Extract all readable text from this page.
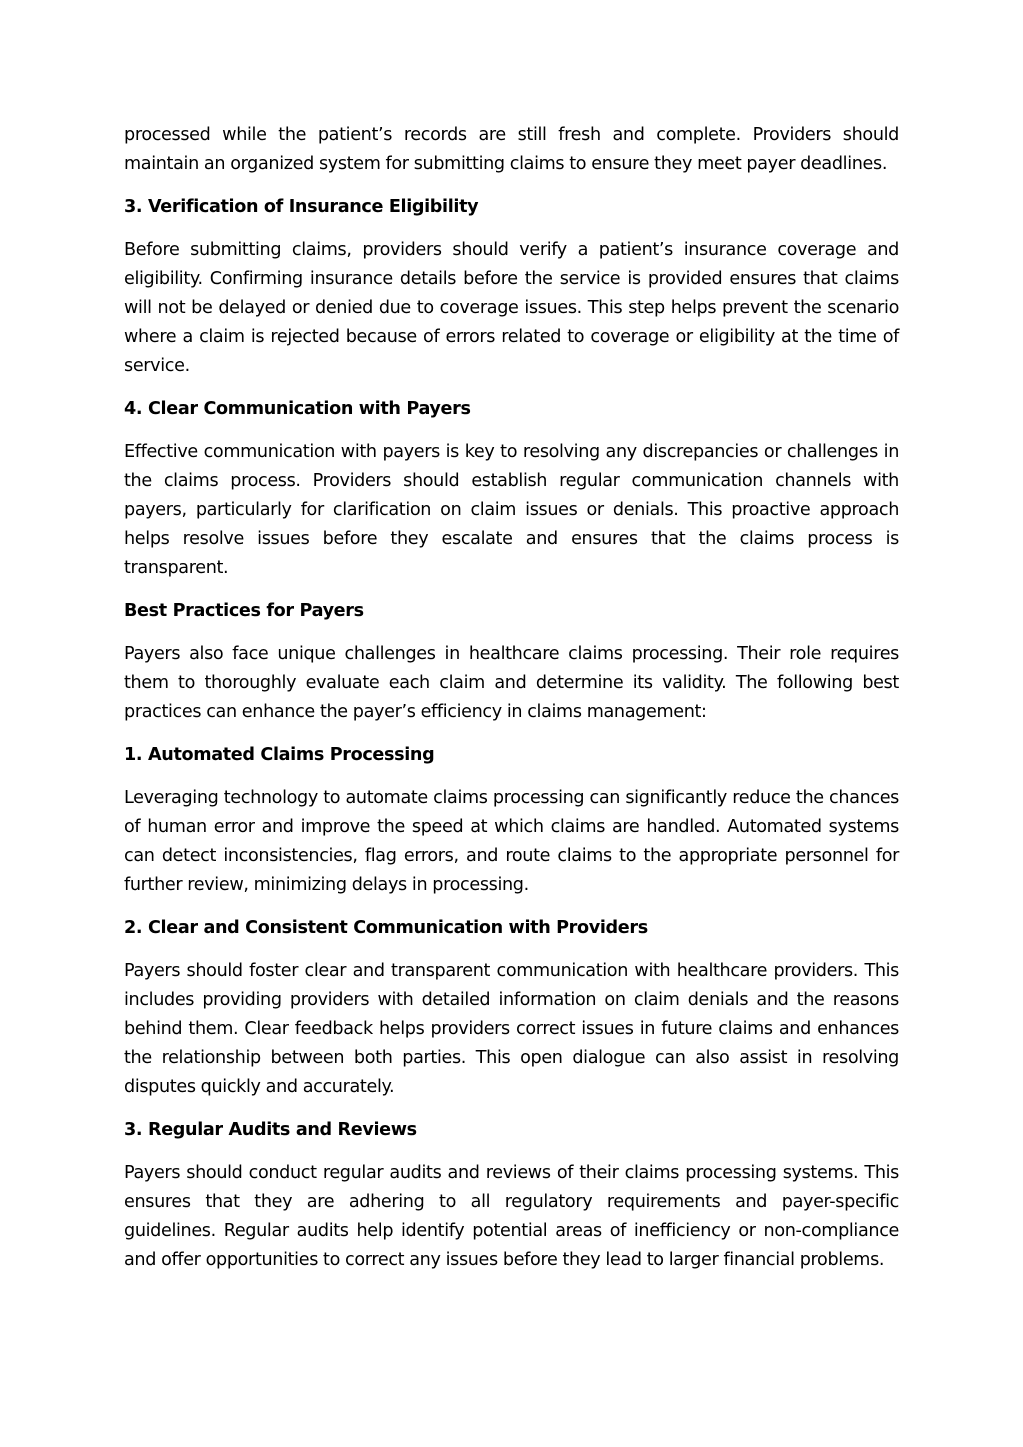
processed while the patient’s records are still fresh and complete. Providers should maintain an organized system for submitting claims to ensure they meet payer deadlines.

3. Verification of Insurance Eligibility

Before submitting claims, providers should verify a patient’s insurance coverage and eligibility. Confirming insurance details before the service is provided ensures that claims will not be delayed or denied due to coverage issues. This step helps prevent the scenario where a claim is rejected because of errors related to coverage or eligibility at the time of service.

4. Clear Communication with Payers

Effective communication with payers is key to resolving any discrepancies or challenges in the claims process. Providers should establish regular communication channels with payers, particularly for clarification on claim issues or denials. This proactive approach helps resolve issues before they escalate and ensures that the claims process is transparent.

Best Practices for Payers

Payers also face unique challenges in healthcare claims processing. Their role requires them to thoroughly evaluate each claim and determine its validity. The following best practices can enhance the payer’s efficiency in claims management:

1. Automated Claims Processing

Leveraging technology to automate claims processing can significantly reduce the chances of human error and improve the speed at which claims are handled. Automated systems can detect inconsistencies, flag errors, and route claims to the appropriate personnel for further review, minimizing delays in processing.

2. Clear and Consistent Communication with Providers

Payers should foster clear and transparent communication with healthcare providers. This includes providing providers with detailed information on claim denials and the reasons behind them. Clear feedback helps providers correct issues in future claims and enhances the relationship between both parties. This open dialogue can also assist in resolving disputes quickly and accurately.

3. Regular Audits and Reviews

Payers should conduct regular audits and reviews of their claims processing systems. This ensures that they are adhering to all regulatory requirements and payer-specific guidelines. Regular audits help identify potential areas of inefficiency or non-compliance and offer opportunities to correct any issues before they lead to larger financial problems.
